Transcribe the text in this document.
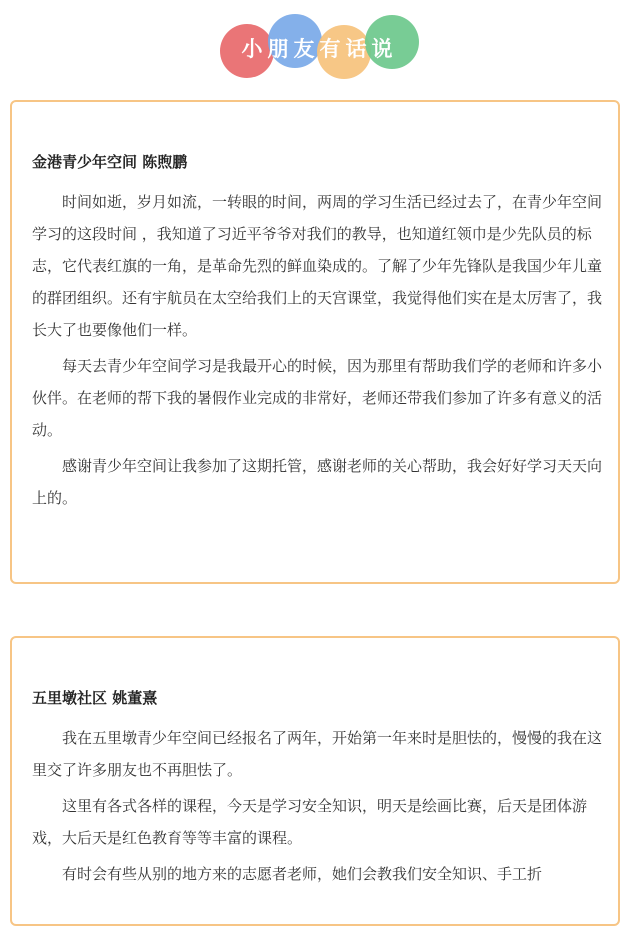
小朋友有话说
金港青少年空间 陈煦鹏

时间如逝，岁月如流，一转眼的时间，两周的学习生活已经过去了，在青少年空间学习的这段时间 ，我知道了习近平爷爷对我们的教导，也知道红领巾是少先队员的标志，它代表红旗的一角，是革命先烈的鲜血染成的。了解了少年先锋队是我国少年儿童的群团组织。还有宇航员在太空给我们上的天宫课堂，我觉得他们实在是太厉害了，我长大了也要像他们一样。

每天去青少年空间学习是我最开心的时候，因为那里有帮助我们学的老师和许多小伙伴。在老师的帮下我的暑假作业完成的非常好，老师还带我们参加了许多有意义的活动。

感谢青少年空间让我参加了这期托管，感谢老师的关心帮助，我会好好学习天天向上的。

五里墩社区 姚董熹

我在五里墩青少年空间已经报名了两年，开始第一年来时是胆怯的，慢慢的我在这里交了许多朋友也不再胆怯了。

这里有各式各样的课程，今天是学习安全知识，明天是绘画比赛，后天是团体游戏，大后天是红色教育等等丰富的课程。

有时会有些从别的地方来的志愿者老师，她们会教我们安全知识、手工折
